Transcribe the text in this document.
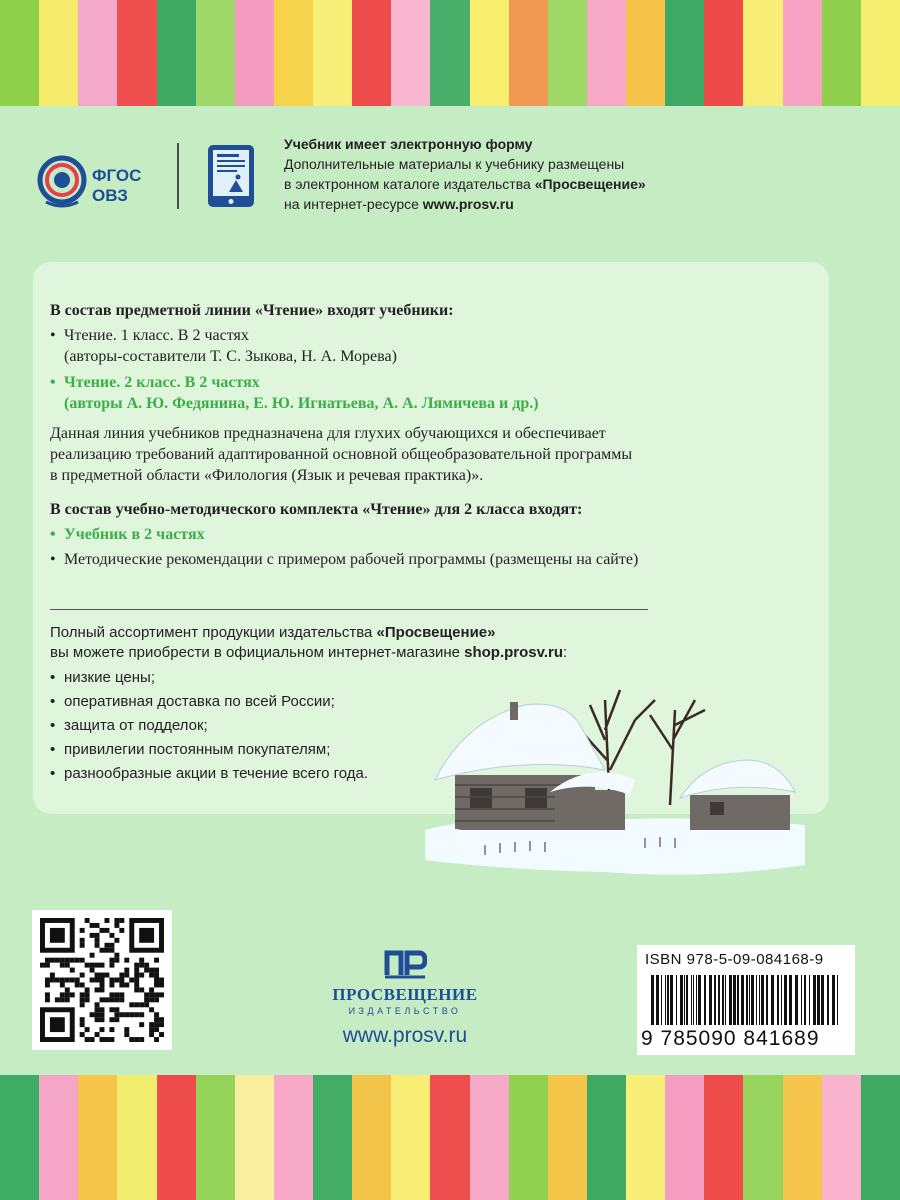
ФГОС
ОВЗ
Учебник имеет электронную форму
Дополнительные материалы к учебнику размещены
в электронном каталоге издательства «Просвещение»
на интернет-ресурсе www.prosv.ru
В состав предметной линии «Чтение» входят учебники:
• Чтение. 1 класс. В 2 частях
(авторы-составители Т. С. Зыкова, Н. А. Морева)
• Чтение. 2 класс. В 2 частях
(авторы А. Ю. Федянина, Е. Ю. Игнатьева, А. А. Лямичева и др.)
Данная линия учебников предназначена для глухих обучающихся и обеспечивает
реализацию требований адаптированной основной общеобразовательной программы
в предметной области «Филология (Язык и речевая практика)».
В состав учебно-методического комплекта «Чтение» для 2 класса входят:
• Учебник в 2 частях
• Методические рекомендации с примером рабочей программы (размещены на сайте)
Полный ассортимент продукции издательства «Просвещение»
вы можете приобрести в официальном интернет-магазине shop.prosv.ru:
• низкие цены;
• оперативная доставка по всей России;
• защита от подделок;
• привилегии постоянным покупателям;
• разнообразные акции в течение всего года.
ПРОСВЕЩЕНИЕ
ИЗДАТЕЛЬСТВО
www.prosv.ru
ISBN 978-5-09-084168-9
9 785090 841689
